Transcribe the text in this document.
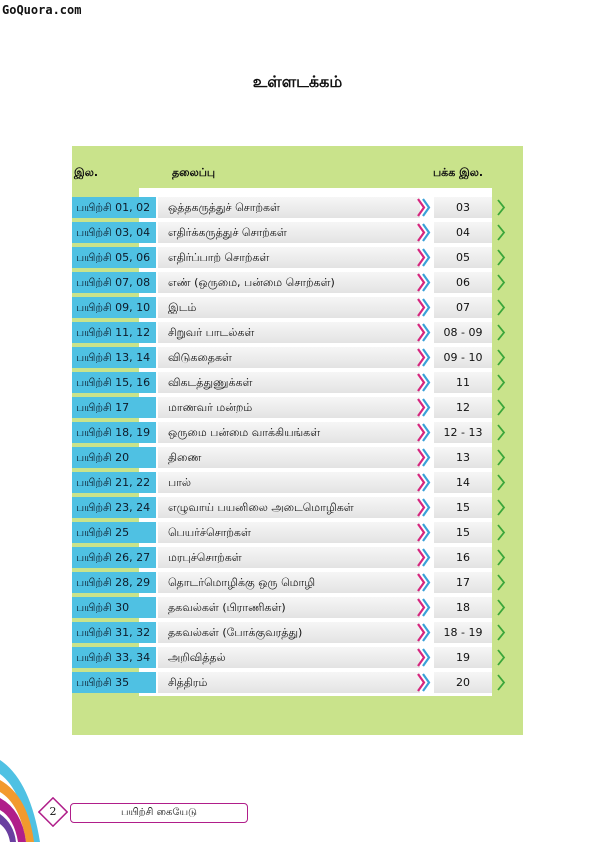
GoQuora.com
உள்ளடக்கம்
இல.	தலைப்பு	பக்க இல.
பயிற்சி 01, 02	ஒத்தகருத்துச் சொற்கள்	03
பயிற்சி 03, 04	எதிர்க்கருத்துச் சொற்கள்	04
பயிற்சி 05, 06	எதிர்ப்பாற் சொற்கள்	05
பயிற்சி 07, 08	எண் (ஒருமை, பன்மை சொற்கள்)	06
பயிற்சி 09, 10	இடம்	07
பயிற்சி 11, 12	சிறுவர் பாடல்கள்	08 - 09
பயிற்சி 13, 14	விடுகதைகள்	09 - 10
பயிற்சி 15, 16	விகடத்துணுக்கள்	11
பயிற்சி 17	மாணவர் மன்றம்	12
பயிற்சி 18, 19	ஒருமை பன்மை வாக்கியங்கள்	12 - 13
பயிற்சி 20	திணை	13
பயிற்சி 21, 22	பால்	14
பயிற்சி 23, 24	எழுவாய் பயனிலை அடைமொழிகள்	15
பயிற்சி 25	பெயர்ச்சொற்கள்	15
பயிற்சி 26, 27	மரபுச்சொற்கள்	16
பயிற்சி 28, 29	தொடர்மொழிக்கு ஒரு மொழி	17
பயிற்சி 30	தகவல்கள் (பிராணிகள்)	18
பயிற்சி 31, 32	தகவல்கள் (போக்குவரத்து)	18 - 19
பயிற்சி 33, 34	அறிவித்தல்	19
பயிற்சி 35	சித்திரம்	20
பயிற்சி கையேடு
2
